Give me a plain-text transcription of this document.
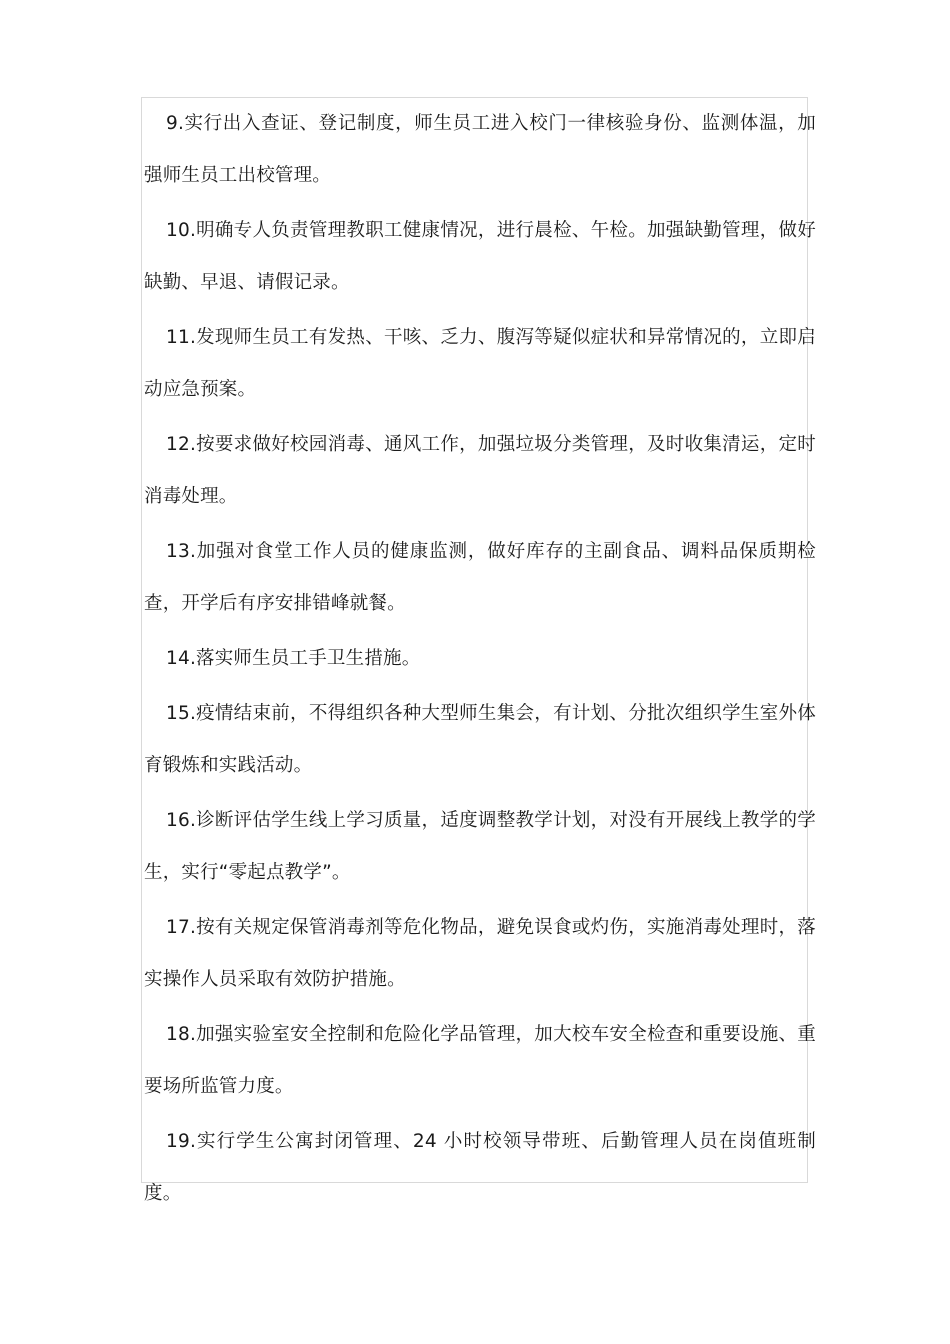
9.实行出入查证、登记制度，师生员工进入校门一律核验身份、监测体温，加强师生员工出校管理。

10.明确专人负责管理教职工健康情况，进行晨检、午检。加强缺勤管理，做好缺勤、早退、请假记录。

11.发现师生员工有发热、干咳、乏力、腹泻等疑似症状和异常情况的，立即启动应急预案。

12.按要求做好校园消毒、通风工作，加强垃圾分类管理，及时收集清运，定时消毒处理。

13.加强对食堂工作人员的健康监测，做好库存的主副食品、调料品保质期检查，开学后有序安排错峰就餐。

14.落实师生员工手卫生措施。

15.疫情结束前，不得组织各种大型师生集会，有计划、分批次组织学生室外体育锻炼和实践活动。

16.诊断评估学生线上学习质量，适度调整教学计划，对没有开展线上教学的学生，实行“零起点教学”。

17.按有关规定保管消毒剂等危化物品，避免误食或灼伤，实施消毒处理时，落实操作人员采取有效防护措施。

18.加强实验室安全控制和危险化学品管理，加大校车安全检查和重要设施、重要场所监管力度。

19.实行学生公寓封闭管理、24 小时校领导带班、后勤管理人员在岗值班制度。
